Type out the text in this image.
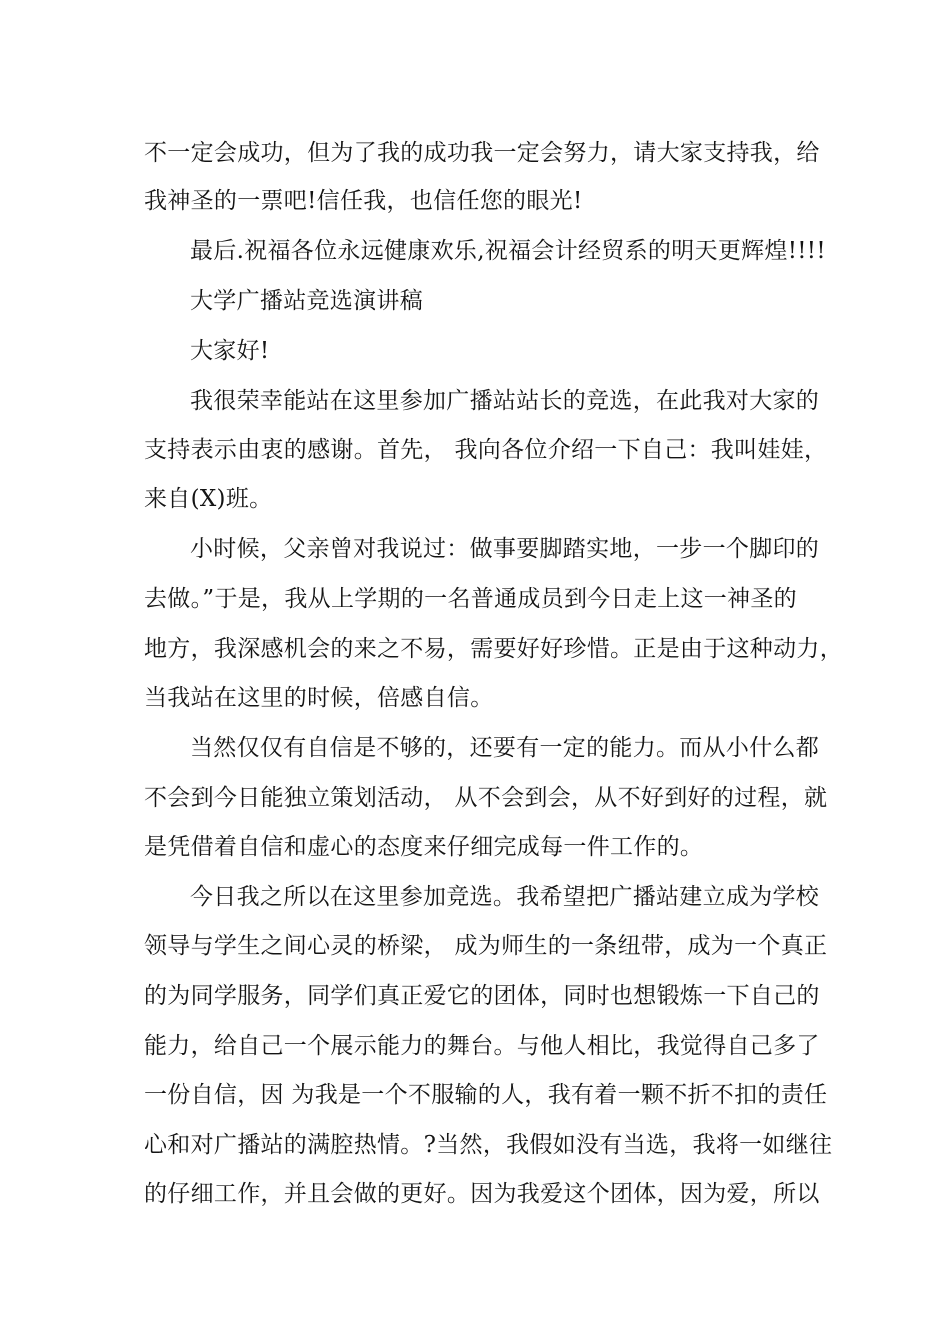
不一定会成功，但为了我的成功我一定会努力，请大家支持我，给
我神圣的一票吧!信任我，也信任您的眼光!
最后.祝福各位永远健康欢乐,祝福会计经贸系的明天更辉煌!!!!
大学广播站竞选演讲稿
大家好!
我很荣幸能站在这里参加广播站站长的竞选，在此我对大家的
支持表示由衷的感谢。首先， 我向各位介绍一下自己：我叫娃娃，
来自(X)班。
小时候，父亲曾对我说过：做事要脚踏实地，一步一个脚印的
去做。”于是，我从上学期的一名普通成员到今日走上这一神圣的
地方，我深感机会的来之不易，需要好好珍惜。正是由于这种动力，
当我站在这里的时候，倍感自信。
当然仅仅有自信是不够的，还要有一定的能力。而从小什么都
不会到今日能独立策划活动， 从不会到会，从不好到好的过程，就
是凭借着自信和虚心的态度来仔细完成每一件工作的。
今日我之所以在这里参加竞选。我希望把广播站建立成为学校
领导与学生之间心灵的桥梁， 成为师生的一条纽带，成为一个真正
的为同学服务，同学们真正爱它的团体，同时也想锻炼一下自己的
能力，给自己一个展示能力的舞台。与他人相比，我觉得自己多了
一份自信，因 为我是一个不服输的人，我有着一颗不折不扣的责任
心和对广播站的满腔热情。?当然，我假如没有当选，我将一如继往
的仔细工作，并且会做的更好。因为我爱这个团体，因为爱，所以
